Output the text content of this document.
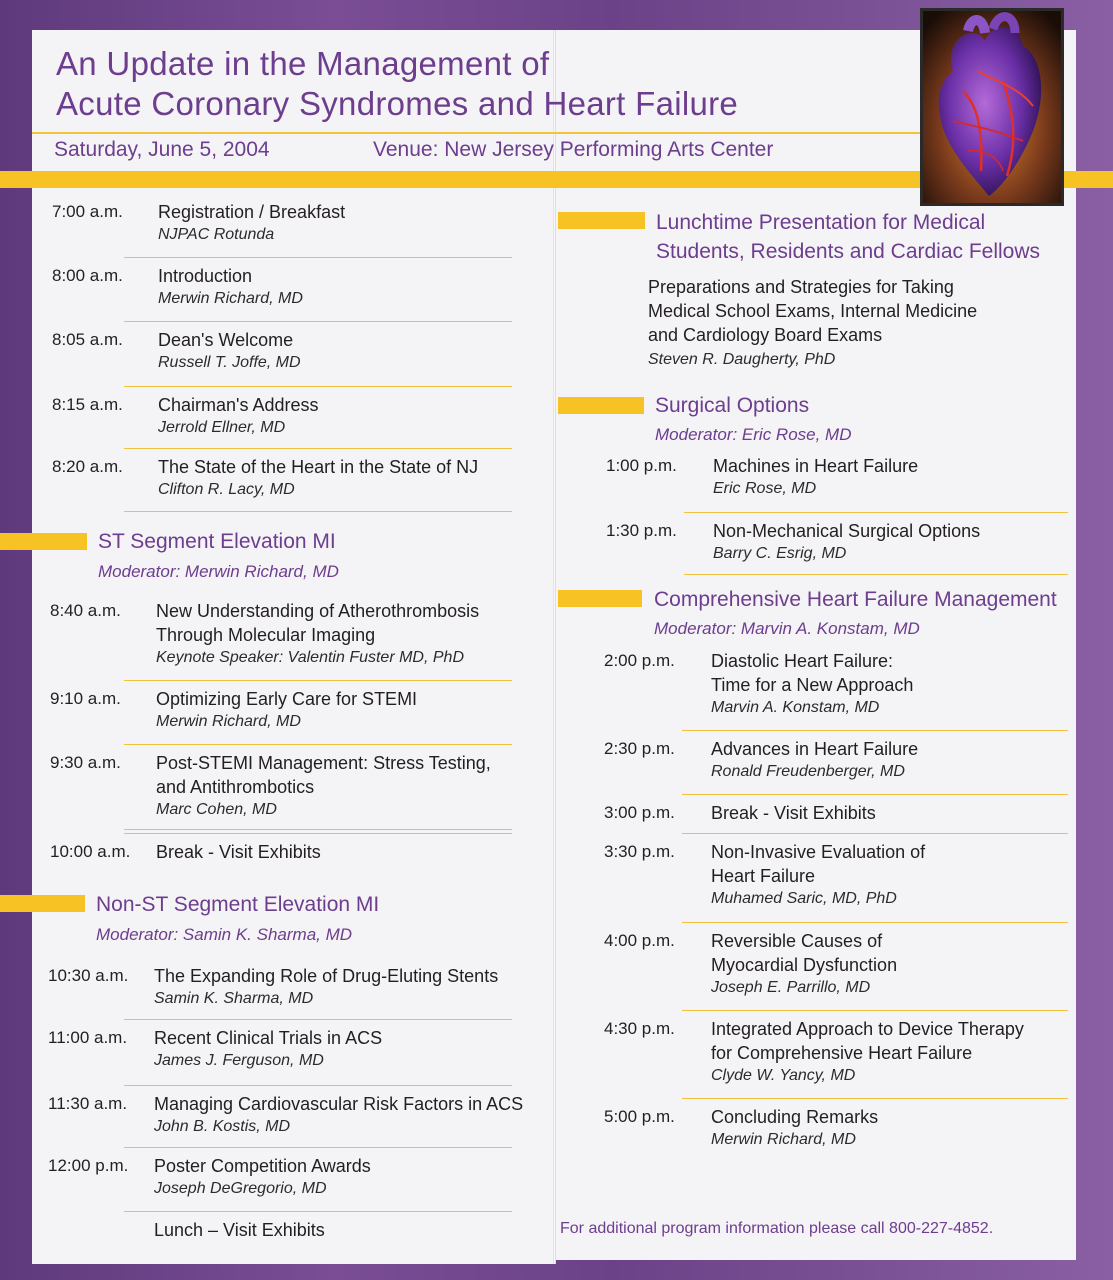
An Update in the Management of
Acute Coronary Syndromes and Heart Failure
Saturday, June 5, 2004	Venue: New Jersey Performing Arts Center
7:00 a.m. Registration / Breakfast
NJPAC Rotunda
8:00 a.m. Introduction
Merwin Richard, MD
8:05 a.m. Dean's Welcome
Russell T. Joffe, MD
8:15 a.m. Chairman's Address
Jerrold Ellner, MD
8:20 a.m. The State of the Heart in the State of NJ
Clifton R. Lacy, MD
ST Segment Elevation MI
Moderator: Merwin Richard, MD
8:40 a.m. New Understanding of Atherothrombosis
Through Molecular Imaging
Keynote Speaker: Valentin Fuster MD, PhD
9:10 a.m. Optimizing Early Care for STEMI
Merwin Richard, MD
9:30 a.m. Post-STEMI Management: Stress Testing,
and Antithrombotics
Marc Cohen, MD
10:00 a.m. Break - Visit Exhibits
Non-ST Segment Elevation MI
Moderator: Samin K. Sharma, MD
10:30 a.m. The Expanding Role of Drug-Eluting Stents
Samin K. Sharma, MD
11:00 a.m. Recent Clinical Trials in ACS
James J. Ferguson, MD
11:30 a.m. Managing Cardiovascular Risk Factors in ACS
John B. Kostis, MD
12:00 p.m. Poster Competition Awards
Joseph DeGregorio, MD
Lunch – Visit Exhibits
Lunchtime Presentation for Medical
Students, Residents and Cardiac Fellows
Preparations and Strategies for Taking
Medical School Exams, Internal Medicine
and Cardiology Board Exams
Steven R. Daugherty, PhD
Surgical Options
Moderator: Eric Rose, MD
1:00 p.m. Machines in Heart Failure
Eric Rose, MD
1:30 p.m. Non-Mechanical Surgical Options
Barry C. Esrig, MD
Comprehensive Heart Failure Management
Moderator: Marvin A. Konstam, MD
2:00 p.m. Diastolic Heart Failure:
Time for a New Approach
Marvin A. Konstam, MD
2:30 p.m. Advances in Heart Failure
Ronald Freudenberger, MD
3:00 p.m. Break - Visit Exhibits
3:30 p.m. Non-Invasive Evaluation of
Heart Failure
Muhamed Saric, MD, PhD
4:00 p.m. Reversible Causes of
Myocardial Dysfunction
Joseph E. Parrillo, MD
4:30 p.m. Integrated Approach to Device Therapy
for Comprehensive Heart Failure
Clyde W. Yancy, MD
5:00 p.m. Concluding Remarks
Merwin Richard, MD
For additional program information please call 800-227-4852.
